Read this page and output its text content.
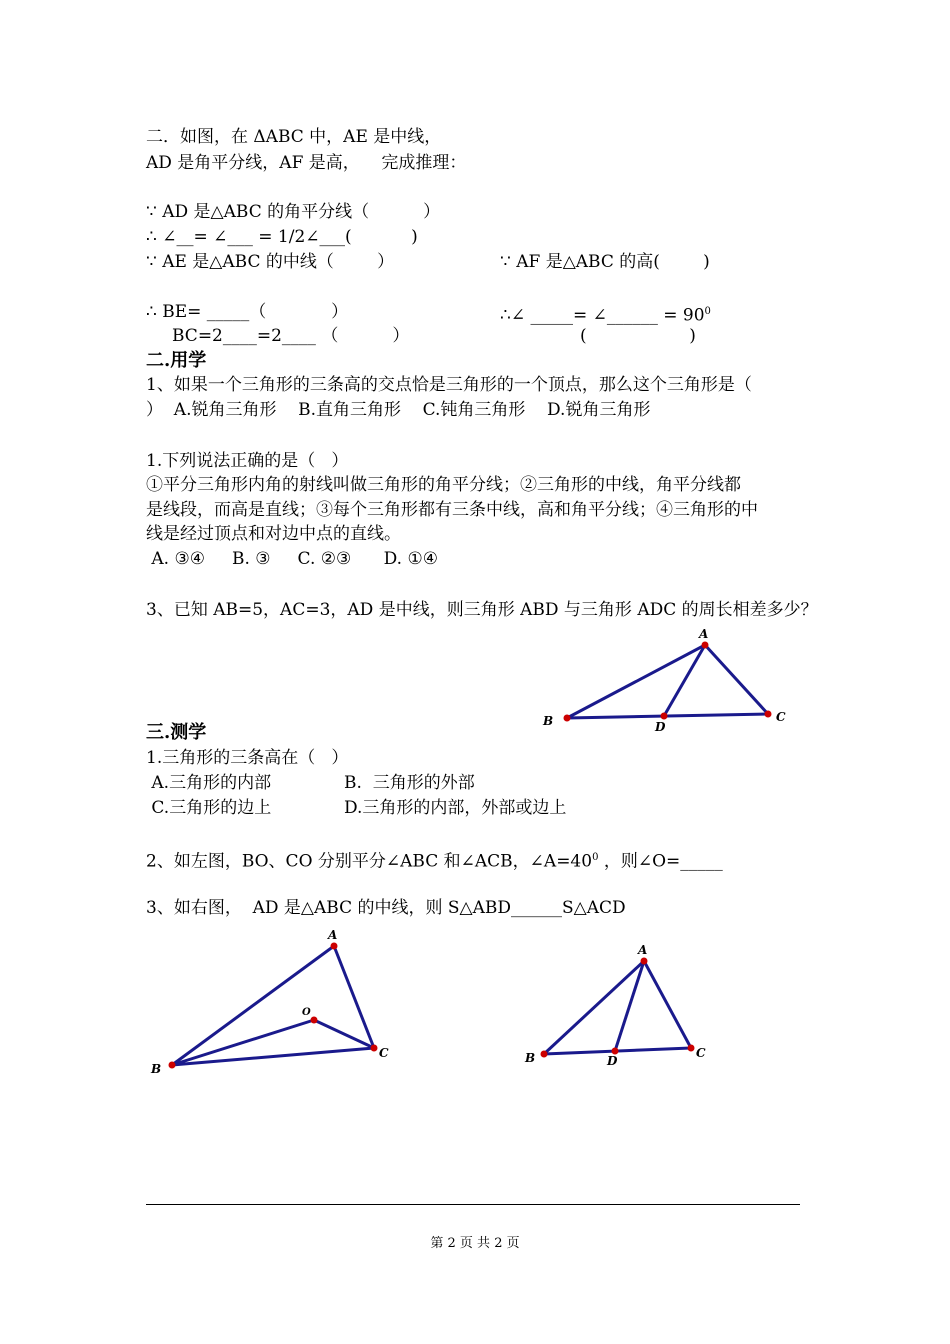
二．如图，在 ΔABC 中，AE 是中线，
AD 是角平分线，AF 是高，    完成推理：
∵ AD 是△ABC 的角平分线（          ）
∴ ∠__= ∠___ = 1/2∠___(           )
∵ AE 是△ABC 的中线（        ）	∵ AF 是△ABC 的高(        )
∴ BE= _____（            ）	∴∠ _____= ∠______ = $90^0$
BC=2____=2____ （          ）	(                   )
二.用学
1、如果一个三角形的三条高的交点恰是三角形的一个顶点，那么这个三角形是（
）  A.锐角三角形    B.直角三角形    C.钝角三角形    D.锐角三角形
1.下列说法正确的是（   ）
①平分三角形内角的射线叫做三角形的角平分线；②三角形的中线，角平分线都
是线段，而高是直线；③每个三角形都有三条中线，高和角平分线；④三角形的中
线是经过顶点和对边中点的直线。
A. ③④     B. ③     C. ②③      D. ①④
3、已知 AB=5，AC=3，AD 是中线，则三角形 ABD 与三角形 ADC 的周长相差多少？
A
B	C
D
三.测学
1.三角形的三条高在（   ）
A.三角形的内部	B.  三角形的外部
C.三角形的边上	D.三角形的内部，外部或边上
2、如左图，BO、CO 分别平分∠ABC 和∠ACB，$\angle A=40^0$ ，则∠O=_____
3、如右图，  AD 是△ABC 的中线，则 S△ABD______S△ACD
A
B
C
O
A
B	C
D
第 2 页 共 2 页
